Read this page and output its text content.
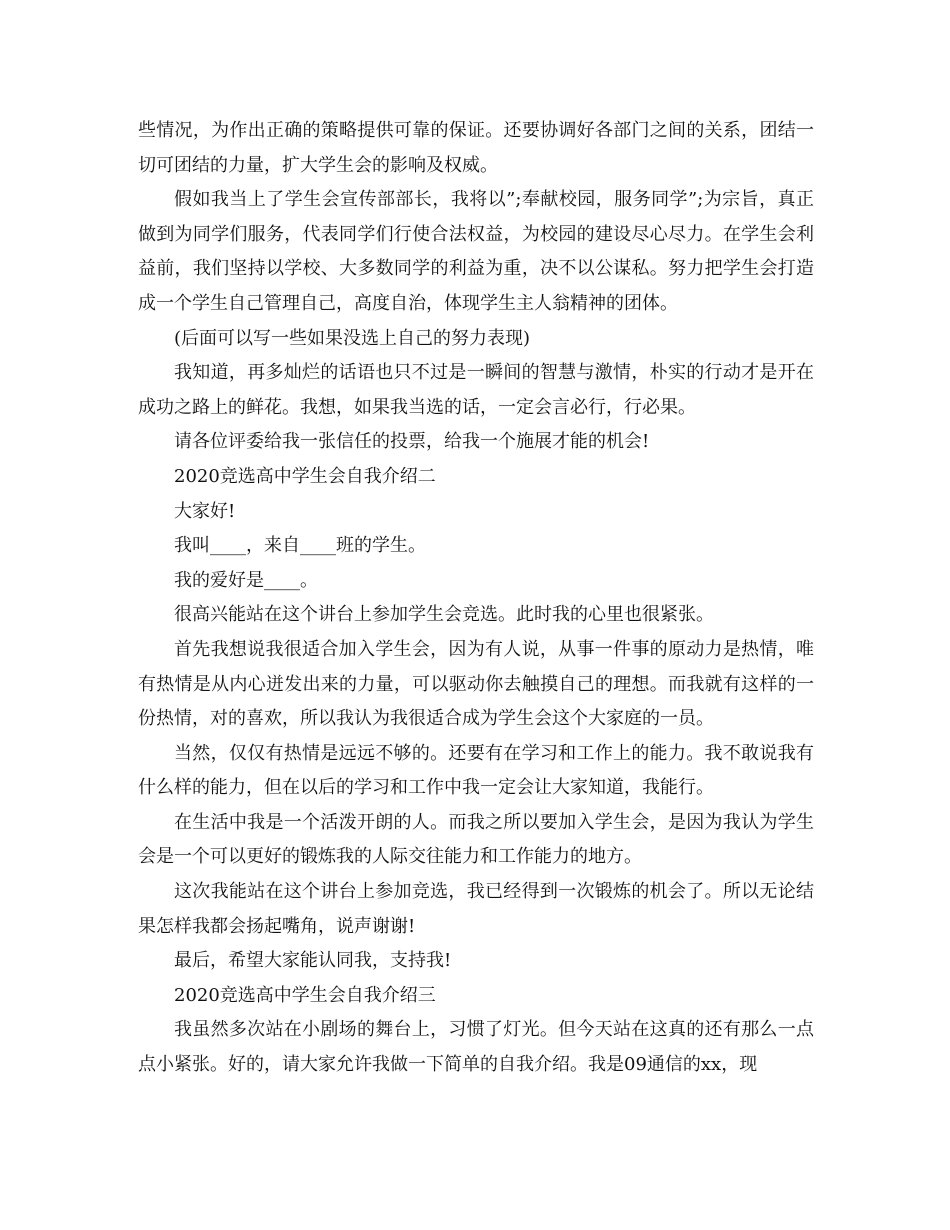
些情况，为作出正确的策略提供可靠的保证。还要协调好各部门之间的关系，团结一切可团结的力量，扩大学生会的影响及权威。

假如我当上了学生会宣传部部长，我将以”;奉献校园，服务同学”;为宗旨，真正做到为同学们服务，代表同学们行使合法权益，为校园的建设尽心尽力。在学生会利益前，我们坚持以学校、大多数同学的利益为重，决不以公谋私。努力把学生会打造成一个学生自己管理自己，高度自治，体现学生主人翁精神的团体。

(后面可以写一些如果没选上自己的努力表现)

我知道，再多灿烂的话语也只不过是一瞬间的智慧与激情，朴实的行动才是开在成功之路上的鲜花。我想，如果我当选的话，一定会言必行，行必果。

请各位评委给我一张信任的投票，给我一个施展才能的机会!

2020竞选高中学生会自我介绍二

大家好!

我叫____，来自____班的学生。

我的爱好是____。

很高兴能站在这个讲台上参加学生会竞选。此时我的心里也很紧张。

首先我想说我很适合加入学生会，因为有人说，从事一件事的原动力是热情，唯有热情是从内心迸发出来的力量，可以驱动你去触摸自己的理想。而我就有这样的一份热情，对的喜欢，所以我认为我很适合成为学生会这个大家庭的一员。

当然，仅仅有热情是远远不够的。还要有在学习和工作上的能力。我不敢说我有什么样的能力，但在以后的学习和工作中我一定会让大家知道，我能行。

在生活中我是一个活泼开朗的人。而我之所以要加入学生会，是因为我认为学生会是一个可以更好的锻炼我的人际交往能力和工作能力的地方。

这次我能站在这个讲台上参加竞选，我已经得到一次锻炼的机会了。所以无论结果怎样我都会扬起嘴角，说声谢谢!

最后，希望大家能认同我，支持我!

2020竞选高中学生会自我介绍三

我虽然多次站在小剧场的舞台上，习惯了灯光。但今天站在这真的还有那么一点点小紧张。好的，请大家允许我做一下简单的自我介绍。我是09通信的xx，现
